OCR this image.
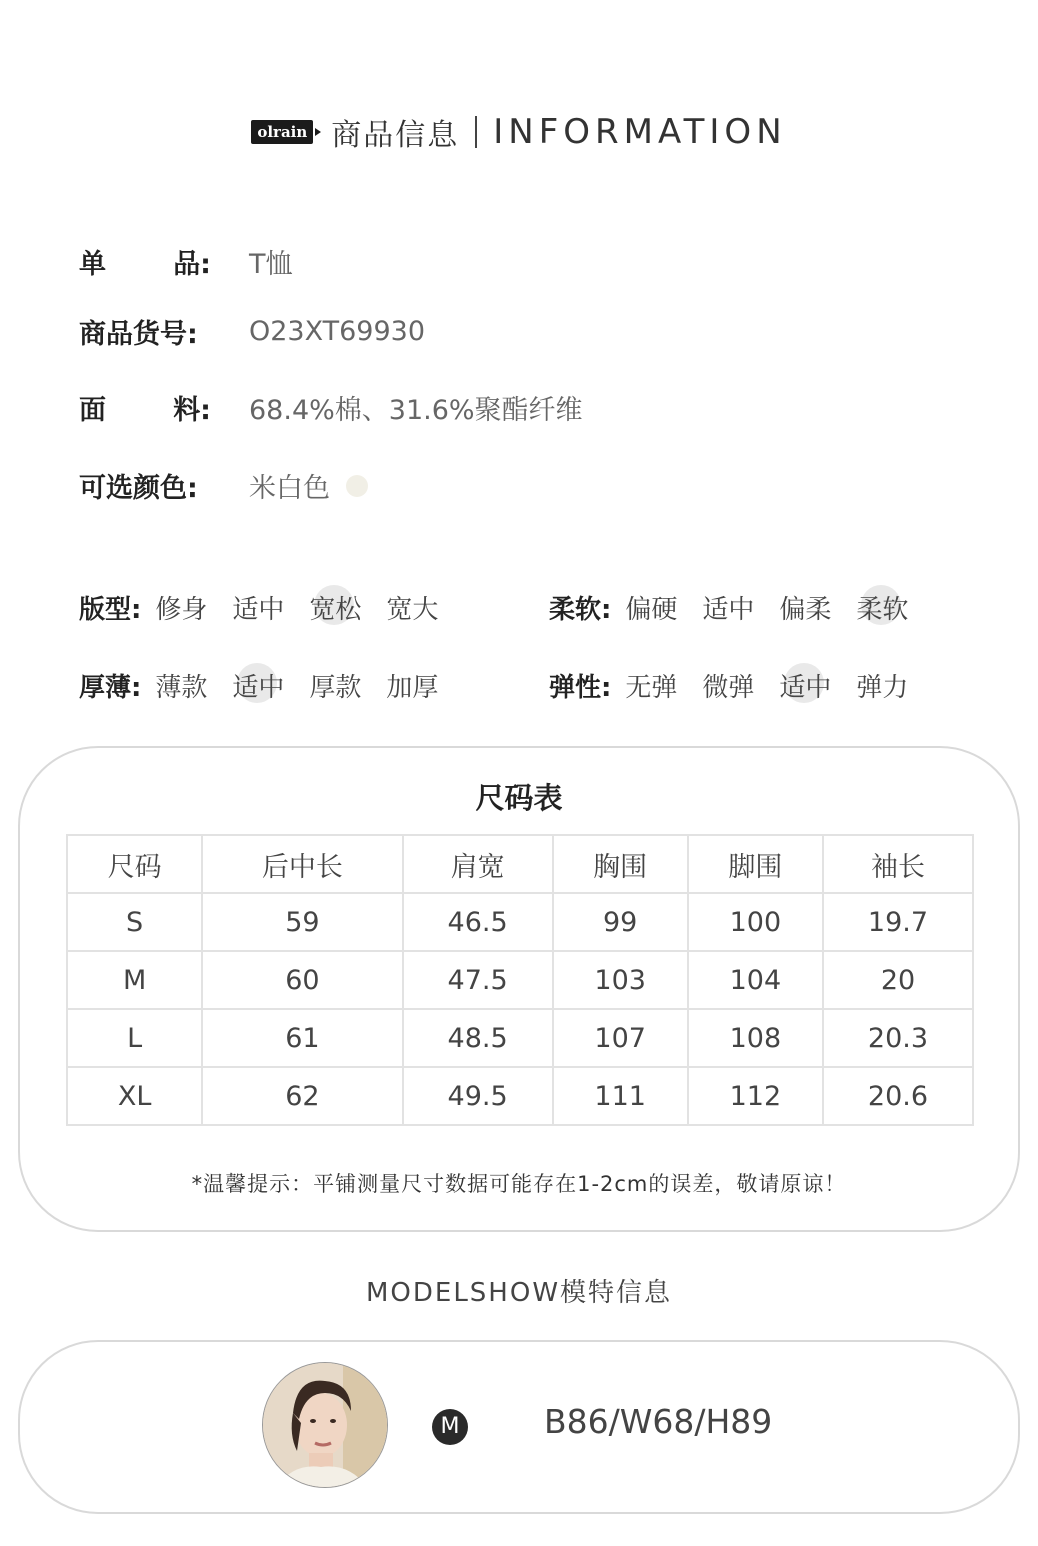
olrain 商品信息 INFORMATION
单 品: T恤
商品货号:	O23XT69930
面 料: 68.4%棉、31.6%聚酯纤维
可选颜色:	米白色
版型: 修身 适中 宽松 宽大	柔软: 偏硬 适中 偏柔 柔软
厚薄: 薄款 适中 厚款 加厚	弹性: 无弹 微弹 适中 弹力
尺码表
尺码	后中长	肩宽	胸围	脚围	袖长
S	59	46.5	99	100	19.7
M	60	47.5	103	104	20
L	61	48.5	107	108	20.3
XL	62	49.5	111	112	20.6
*温馨提示：平铺测量尺寸数据可能存在1-2cm的误差，敬请原谅！
MODELSHOW模特信息
M	B86/W68/H89
